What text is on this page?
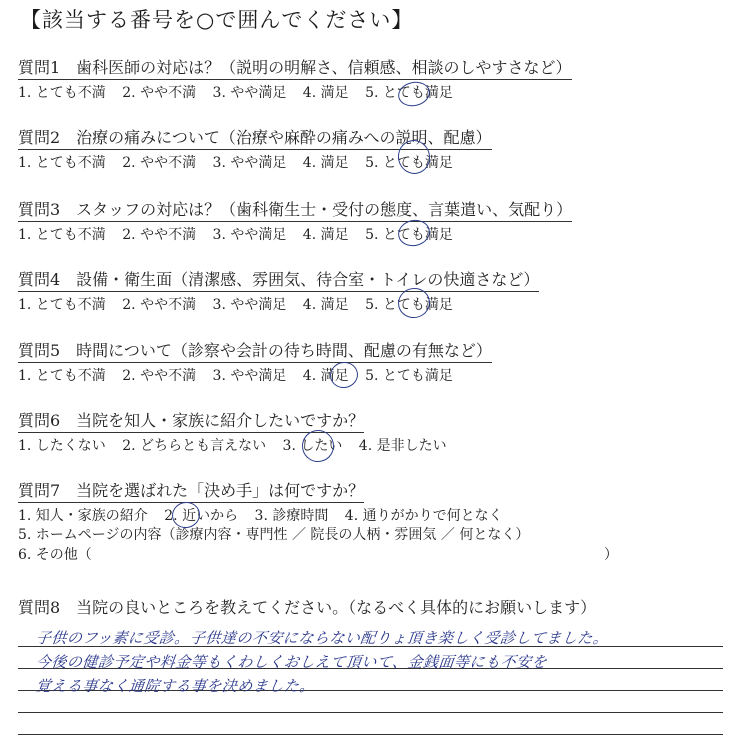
【該当する番号を○で囲んでください】
質問1　歯科医師の対応は？（説明の明解さ、信頼感、相談のしやすさなど）
1. とても不満 2. やや不満 3. やや満足 4. 満足 5. とても満足
質問2　治療の痛みについて（治療や麻酔の痛みへの説明、配慮）
1. とても不満 2. やや不満 3. やや満足 4. 満足 5. とても満足
質問3　スタッフの対応は？（歯科衛生士・受付の態度、言葉遣い、気配り）
1. とても不満 2. やや不満 3. やや満足 4. 満足 5. とても満足
質問4　設備・衛生面（清潔感、雰囲気、待合室・トイレの快適さなど）
1. とても不満 2. やや不満 3. やや満足 4. 満足 5. とても満足
質問5　時間について（診察や会計の待ち時間、配慮の有無など）
1. とても不満 2. やや不満 3. やや満足 4. 満足 5. とても満足
質問6　当院を知人・家族に紹介したいですか？
1. したくない 2. どちらとも言えない 3. したい 4. 是非したい
質問7　当院を選ばれた「決め手」は何ですか？
1. 知人・家族の紹介 2. 近いから 3. 診療時間 4. 通りがかりで何となく
5. ホームページの内容（診療内容・専門性 ／ 院長の人柄・雰囲気 ／ 何となく）
6. その他（	）
質問8　当院の良いところを教えてください。（なるべく具体的にお願いします）
子供のフッ素に受診。子供達の不安にならない配りょ頂き楽しく受診してました。
今後の健診予定や料金等もくわしくおしえて頂いて、金銭面等にも不安を
覚える事なく通院する事を決めました。
